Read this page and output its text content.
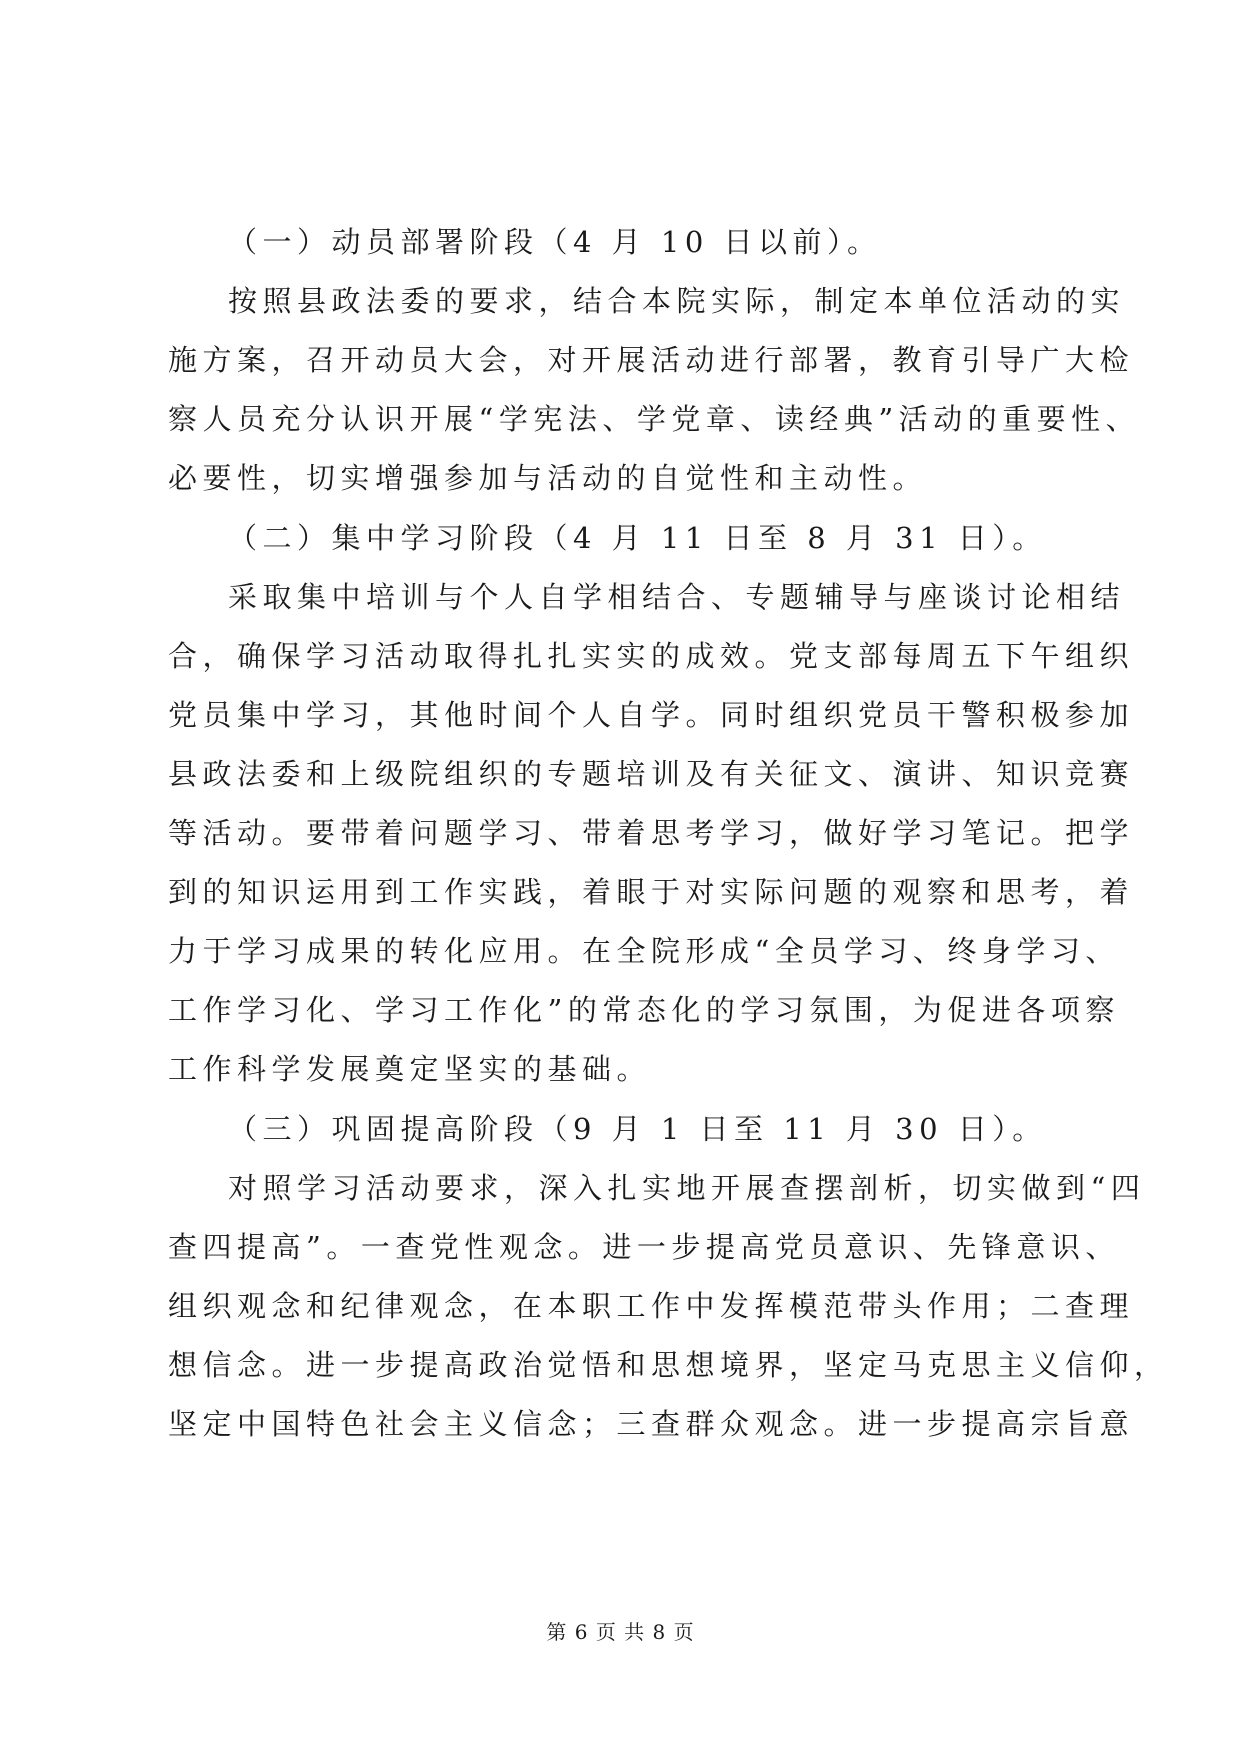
（一）动员部署阶段（4 月 10 日以前）。
按照县政法委的要求，结合本院实际，制定本单位活动的实
施方案，召开动员大会，对开展活动进行部署，教育引导广大检
察人员充分认识开展“学宪法、学党章、读经典”活动的重要性、
必要性，切实增强参加与活动的自觉性和主动性。
（二）集中学习阶段（4 月 11 日至 8 月 31 日）。
采取集中培训与个人自学相结合、专题辅导与座谈讨论相结
合，确保学习活动取得扎扎实实的成效。党支部每周五下午组织
党员集中学习，其他时间个人自学。同时组织党员干警积极参加
县政法委和上级院组织的专题培训及有关征文、演讲、知识竞赛
等活动。要带着问题学习、带着思考学习，做好学习笔记。把学
到的知识运用到工作实践，着眼于对实际问题的观察和思考，着
力于学习成果的转化应用。在全院形成“全员学习、终身学习、
工作学习化、学习工作化”的常态化的学习氛围，为促进各项察
工作科学发展奠定坚实的基础。
（三）巩固提高阶段（9 月 1 日至 11 月 30 日）。
对照学习活动要求，深入扎实地开展查摆剖析，切实做到“四
查四提高”。一查党性观念。进一步提高党员意识、先锋意识、
组织观念和纪律观念，在本职工作中发挥模范带头作用；二查理
想信念。进一步提高政治觉悟和思想境界，坚定马克思主义信仰，
坚定中国特色社会主义信念；三查群众观念。进一步提高宗旨意
第 6 页 共 8 页
